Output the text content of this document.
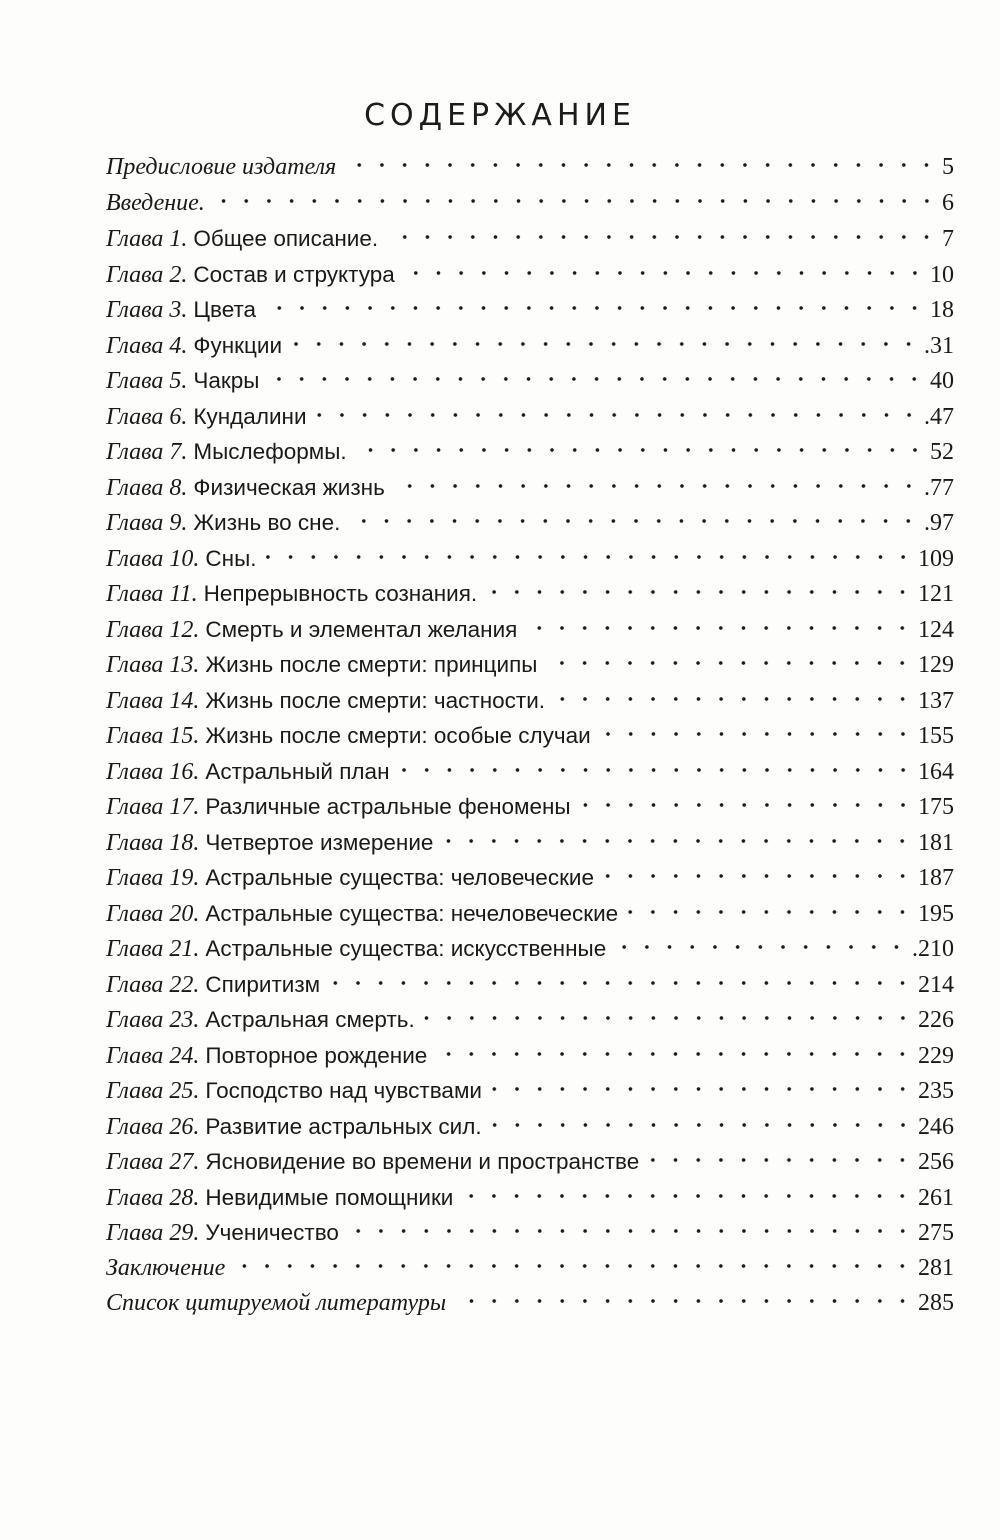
СОДЕРЖАНИЕ
Предисловие издателя	5
Введение.	6
Глава 1. Общее описание.	7
Глава 2. Состав и структура	10
Глава 3. Цвета	18
Глава 4. Функции	.31
Глава 5. Чакры	40
Глава 6. Кундалини	.47
Глава 7. Мыслеформы.	52
Глава 8. Физическая жизнь	.77
Глава 9. Жизнь во сне.	.97
Глава 10. Сны.	109
Глава 11. Непрерывность сознания.	121
Глава 12. Смерть и элементал желания	124
Глава 13. Жизнь после смерти: принципы	129
Глава 14. Жизнь после смерти: частности.	137
Глава 15. Жизнь после смерти: особые случаи	155
Глава 16. Астральный план	164
Глава 17. Различные астральные феномены	175
Глава 18. Четвертое измерение	181
Глава 19. Астральные существа: человеческие	187
Глава 20. Астральные существа: нечеловеческие	195
Глава 21. Астральные существа: искусственные	.210
Глава 22. Спиритизм	214
Глава 23. Астральная смерть.	226
Глава 24. Повторное рождение	229
Глава 25. Господство над чувствами	235
Глава 26. Развитие астральных сил.	246
Глава 27. Ясновидение во времени и пространстве	256
Глава 28. Невидимые помощники	261
Глава 29. Ученичество	275
Заключение	281
Список цитируемой литературы	285
